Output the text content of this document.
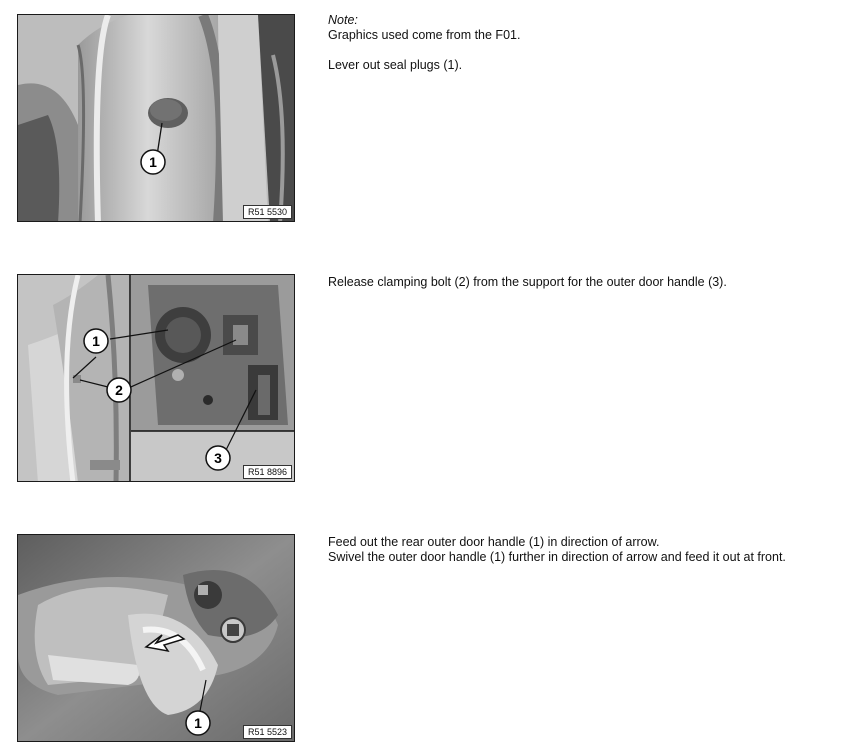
1
R51 5530

Note:

Graphics used come from the F01.

Lever out seal plugs (1).

1
2
3
R51 8896

Release clamping bolt (2) from the support for the outer door handle (3).

1
R51 5523

Feed out the rear outer door handle (1) in direction of arrow.

Swivel the outer door handle (1) further in direction of arrow and feed it out at front.
